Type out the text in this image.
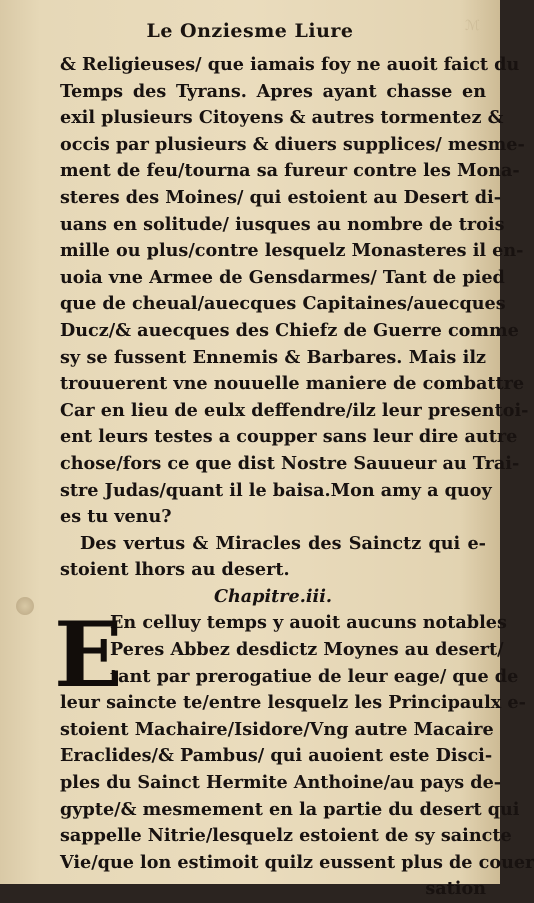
ℳ
Le Onziesme Liure
& Religieuses/ que iamais foy ne auoit faict du
Temps des Tyrans. Apres ayant chasse en
exil plusieurs Citoyens & autres tormentez &
occis par plusieurs & diuers supplices/ mesme-
ment de feu/tourna sa fureur contre les Mona-
steres des Moines/ qui estoient au Desert di-
uans en solitude/ iusques au nombre de trois
mille ou plus/contre lesquelz Monasteres il en-
uoia vne Armee de Gensdarmes/ Tant de pied
que de cheual/auecques Capitaines/auecques
Ducz/& auecques des Chiefz de Guerre comme
sy se fussent Ennemis & Barbares. Mais ilz
trouuerent vne nouuelle maniere de combattre
Car en lieu de eulx deffendre/ilz leur presentoi-
ent leurs testes a coupper sans leur dire autre
chose/fors ce que dist Nostre Sauueur au Trai-
stre Judas/quant il le baisa.Mon amy a quoy
es tu venu?
Des vertus & Miracles des Sainctz qui e-
stoient lhors au desert.
Chapitre.iii.
E
En celluy temps y auoit aucuns notables
Peres Abbez desdictz Moynes au desert/
tant par prerogatiue de leur eage/ que de
leur saincte te/entre lesquelz les Principaulx e-
stoient Machaire/Isidore/Vng autre Macaire
Eraclides/& Pambus/ qui auoient este Disci-
ples du Sainct Hermite Anthoine/au pays de-
gypte/& mesmement en la partie du desert qui
sappelle Nitrie/lesquelz estoient de sy saincte
Vie/que lon estimoit quilz eussent plus de couer
sation
